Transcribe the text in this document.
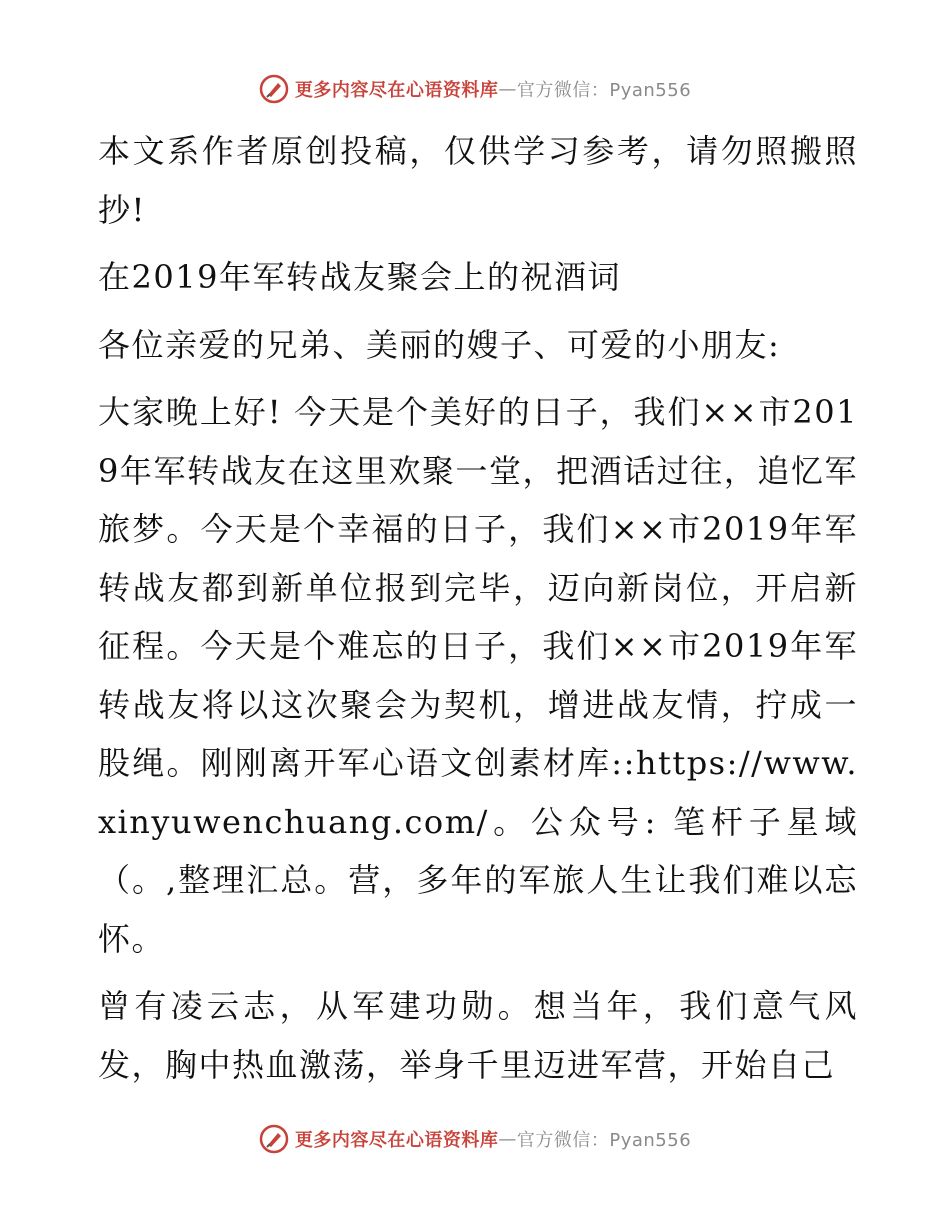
更多内容尽在心语资料库 — 官方微信：Pyan556

本文系作者原创投稿，仅供学习参考，请勿照搬照抄!

在2019年军转战友聚会上的祝酒词

各位亲爱的兄弟、美丽的嫂子、可爱的小朋友:

大家晚上好! 今天是个美好的日子，我们××市2019年军转战友在这里欢聚一堂，把酒话过往，追忆军旅梦。今天是个幸福的日子，我们××市2019年军转战友都到新单位报到完毕，迈向新岗位，开启新征程。今天是个难忘的日子，我们××市2019年军转战友将以这次聚会为契机，增进战友情，拧成一股绳。刚刚离开军心语文创素材库::https://www.xinyuwenchuang.com/。公众号: 笔杆子星域（。,整理汇总。营，多年的军旅人生让我们难以忘怀。

曾有凌云志，从军建功勋。想当年，我们意气风发，胸中热血激荡，举身千里迈进军营，开始自己

更多内容尽在心语资料库 — 官方微信：Pyan556
